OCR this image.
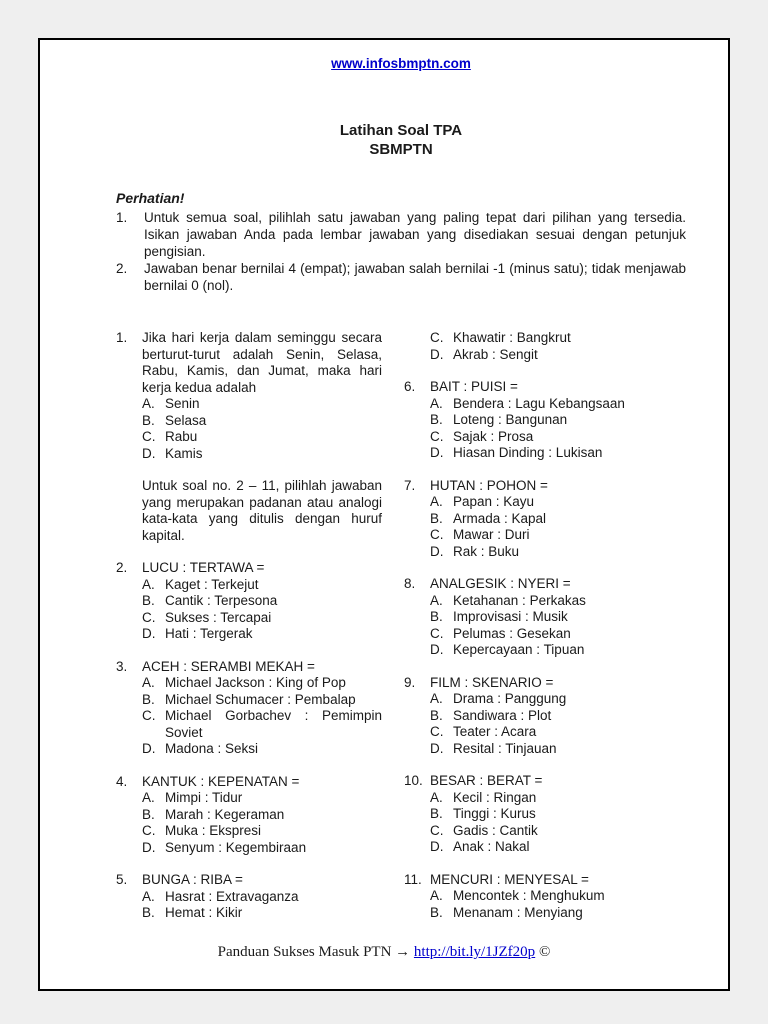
www.infosbmptn.com
Latihan Soal TPA
SBMPTN
Perhatian!
1.	Untuk semua soal, pilihlah satu jawaban yang paling tepat dari pilihan yang tersedia. Isikan jawaban Anda pada lembar jawaban yang disediakan sesuai dengan petunjuk pengisian.
2.	Jawaban benar bernilai 4 (empat); jawaban salah bernilai -1 (minus satu); tidak menjawab bernilai 0 (nol).
1.	Jika hari kerja dalam seminggu secara berturut-turut adalah Senin, Selasa, Rabu, Kamis, dan Jumat, maka hari kerja kedua adalah
A. Senin
B. Selasa
C. Rabu
D. Kamis
Untuk soal no. 2 – 11, pilihlah jawaban yang merupakan padanan atau analogi kata-kata yang ditulis dengan huruf kapital.
2.	LUCU : TERTAWA =
A. Kaget : Terkejut
B. Cantik : Terpesona
C. Sukses : Tercapai
D. Hati : Tergerak
3.	ACEH : SERAMBI MEKAH =
A. Michael Jackson : King of Pop
B. Michael Schumacer : Pembalap
C. Michael Gorbachev : Pemimpin Soviet
D. Madona : Seksi
4.	KANTUK : KEPENATAN =
A. Mimpi : Tidur
B. Marah : Kegeraman
C. Muka : Ekspresi
D. Senyum : Kegembiraan
5.	BUNGA : RIBA =
A. Hasrat : Extravaganza
B. Hemat : Kikir
C. Khawatir : Bangkrut
D. Akrab : Sengit
6.	BAIT : PUISI =
A. Bendera : Lagu Kebangsaan
B. Loteng : Bangunan
C. Sajak : Prosa
D. Hiasan Dinding : Lukisan
7.	HUTAN : POHON =
A. Papan : Kayu
B. Armada : Kapal
C. Mawar : Duri
D. Rak : Buku
8.	ANALGESIK : NYERI =
A. Ketahanan : Perkakas
B. Improvisasi : Musik
C. Pelumas : Gesekan
D. Kepercayaan : Tipuan
9.	FILM : SKENARIO =
A. Drama : Panggung
B. Sandiwara : Plot
C. Teater : Acara
D. Resital : Tinjauan
10. BESAR : BERAT =
A. Kecil : Ringan
B. Tinggi : Kurus
C. Gadis : Cantik
D. Anak : Nakal
11. MENCURI : MENYESAL =
A. Mencontek : Menghukum
B. Menanam : Menyiang
Panduan Sukses Masuk PTN → http://bit.ly/1JZf20p ©
